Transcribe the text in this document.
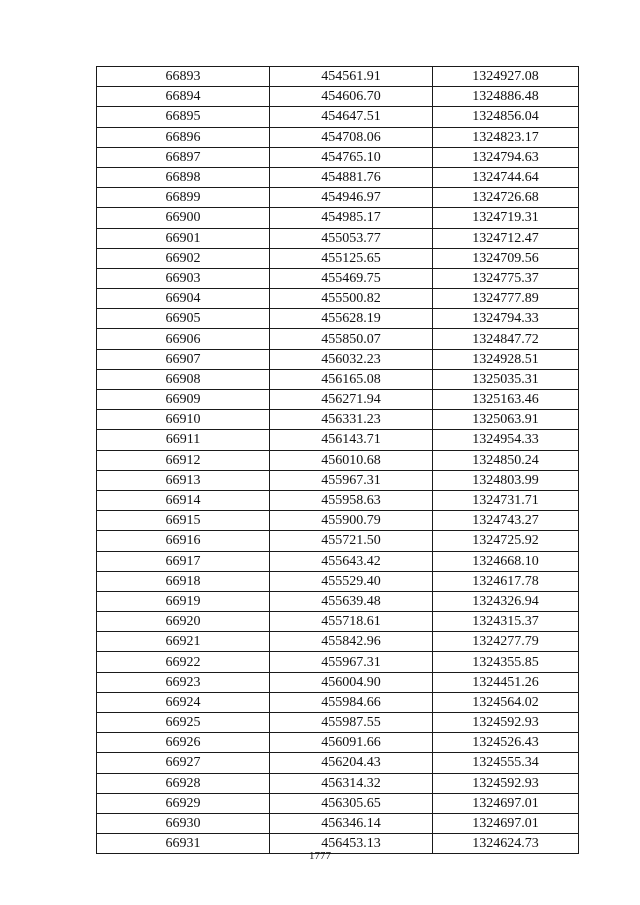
66893	454561.91	1324927.08
66894	454606.70	1324886.48
66895	454647.51	1324856.04
66896	454708.06	1324823.17
66897	454765.10	1324794.63
66898	454881.76	1324744.64
66899	454946.97	1324726.68
66900	454985.17	1324719.31
66901	455053.77	1324712.47
66902	455125.65	1324709.56
66903	455469.75	1324775.37
66904	455500.82	1324777.89
66905	455628.19	1324794.33
66906	455850.07	1324847.72
66907	456032.23	1324928.51
66908	456165.08	1325035.31
66909	456271.94	1325163.46
66910	456331.23	1325063.91
66911	456143.71	1324954.33
66912	456010.68	1324850.24
66913	455967.31	1324803.99
66914	455958.63	1324731.71
66915	455900.79	1324743.27
66916	455721.50	1324725.92
66917	455643.42	1324668.10
66918	455529.40	1324617.78
66919	455639.48	1324326.94
66920	455718.61	1324315.37
66921	455842.96	1324277.79
66922	455967.31	1324355.85
66923	456004.90	1324451.26
66924	455984.66	1324564.02
66925	455987.55	1324592.93
66926	456091.66	1324526.43
66927	456204.43	1324555.34
66928	456314.32	1324592.93
66929	456305.65	1324697.01
66930	456346.14	1324697.01
66931	456453.13	1324624.73
1777
